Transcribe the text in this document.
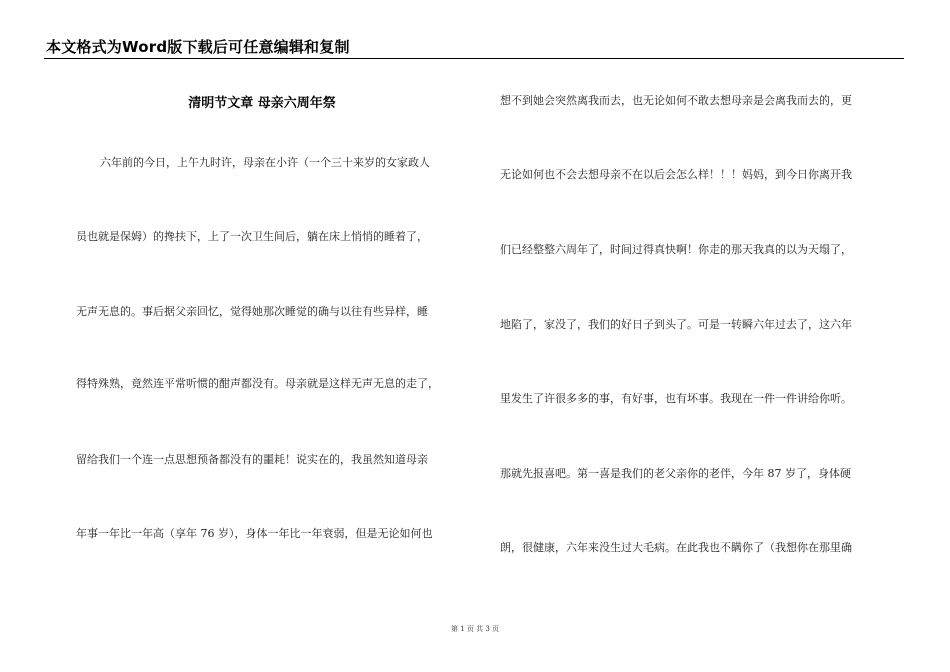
本文格式为Word版下载后可任意编辑和复制
清明节文章 母亲六周年祭
六年前的今日，上午九时许，母亲在小许（一个三十来岁的女家政人
员也就是保姆）的搀扶下，上了一次卫生间后，躺在床上悄悄的睡着了，
无声无息的。事后据父亲回忆，觉得她那次睡觉的确与以往有些异样，睡
得特殊熟，竟然连平常听惯的酣声都没有。母亲就是这样无声无息的走了，
留给我们一个连一点思想预备都没有的噩耗！说实在的，我虽然知道母亲
年事一年比一年高（享年 76 岁），身体一年比一年衰弱，但是无论如何也
想不到她会突然离我而去，也无论如何不敢去想母亲是会离我而去的，更
无论如何也不会去想母亲不在以后会怎么样！！！妈妈，到今日你离开我
们已经整整六周年了，时间过得真快啊！你走的那天我真的以为天塌了，
地陷了，家没了，我们的好日子到头了。可是一转瞬六年过去了，这六年
里发生了许很多多的事，有好事，也有坏事。我现在一件一件讲给你听。
那就先报喜吧。第一喜是我们的老父亲你的老伴，今年 87 岁了，身体硬
朗，很健康，六年来没生过大毛病。在此我也不瞒你了（我想你在那里确
第 1 页 共 3 页
